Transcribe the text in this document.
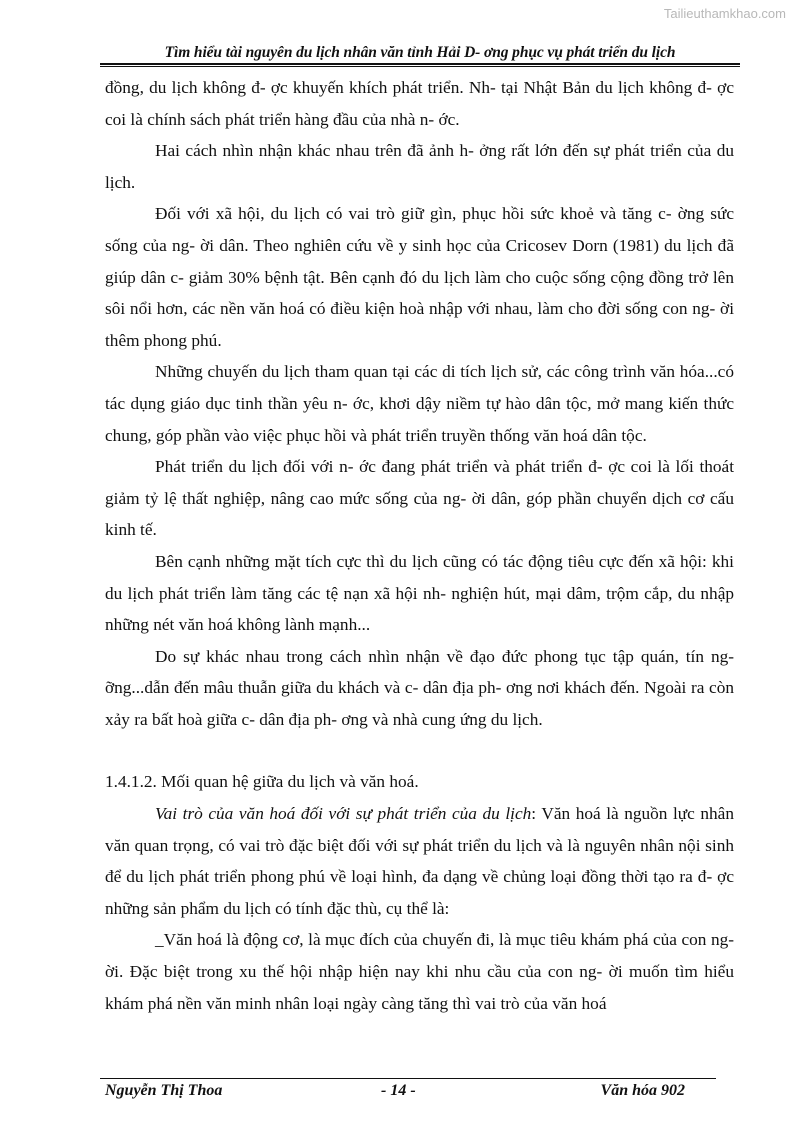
Tailieuthamkhao.com
Tìm hiểu tài nguyên du lịch nhân văn tỉnh Hải D- ơng phục vụ phát triển du lịch

đồng, du lịch không đ- ợc khuyến khích phát triển. Nh- tại Nhật Bản du lịch không đ- ợc coi là chính sách phát triển hàng đầu của nhà n- ớc.

Hai cách nhìn nhận khác nhau trên đã ảnh h- ởng rất lớn đến sự phát triển của du lịch.

Đối với xã hội, du lịch có vai trò giữ gìn, phục hồi sức khoẻ và tăng c- ờng sức sống của ng- ời dân. Theo nghiên cứu về y sinh học của Cricosev Dorn (1981) du lịch đã giúp dân c- giảm 30% bệnh tật. Bên cạnh đó du lịch làm cho cuộc sống cộng đồng trở lên sôi nổi hơn, các nền văn hoá có điều kiện hoà nhập với nhau, làm cho đời sống con ng- ời thêm phong phú.

Những chuyến du lịch tham quan tại các di tích lịch sử, các công trình văn hóa...có tác dụng giáo dục tinh thần yêu n- ớc, khơi dậy niềm tự hào dân tộc, mở mang kiến thức chung, góp phần vào việc phục hồi và phát triển truyền thống văn hoá dân tộc.

Phát triển du lịch đối với n- ớc đang phát triển và phát triển đ- ợc coi là lối thoát giảm tỷ lệ thất nghiệp, nâng cao mức sống của ng- ời dân, góp phần chuyển dịch cơ cấu kinh tế.

Bên cạnh những mặt tích cực thì du lịch cũng có tác động tiêu cực đến xã hội: khi du lịch phát triển làm tăng các tệ nạn xã hội nh- nghiện hút, mại dâm, trộm cắp, du nhập những nét văn hoá không lành mạnh...

Do sự khác nhau trong cách nhìn nhận về đạo đức phong tục tập quán, tín ng- ỡng...dẫn đến mâu thuẫn giữa du khách và c- dân địa ph- ơng nơi khách đến. Ngoài ra còn xảy ra bất hoà giữa c- dân địa ph- ơng và nhà cung ứng du lịch.

1.4.1.2. Mối quan hệ giữa du lịch và văn hoá.

Vai trò của văn hoá đối với sự phát triển của du lịch: Văn hoá là nguồn lực nhân văn quan trọng, có vai trò đặc biệt đối với sự phát triển du lịch và là nguyên nhân nội sinh để du lịch phát triển phong phú về loại hình, đa dạng về chủng loại đồng thời tạo ra đ- ợc những sản phẩm du lịch có tính đặc thù, cụ thể là:

_Văn hoá là động cơ, là mục đích của chuyến đi, là mục tiêu khám phá của con ng- ời. Đặc biệt trong xu thế hội nhập hiện nay khi nhu cầu của con ng- ời muốn tìm hiểu khám phá nền văn minh nhân loại ngày càng tăng thì vai trò của văn hoá

Nguyễn Thị Thoa	- 14 -	Văn hóa 902
